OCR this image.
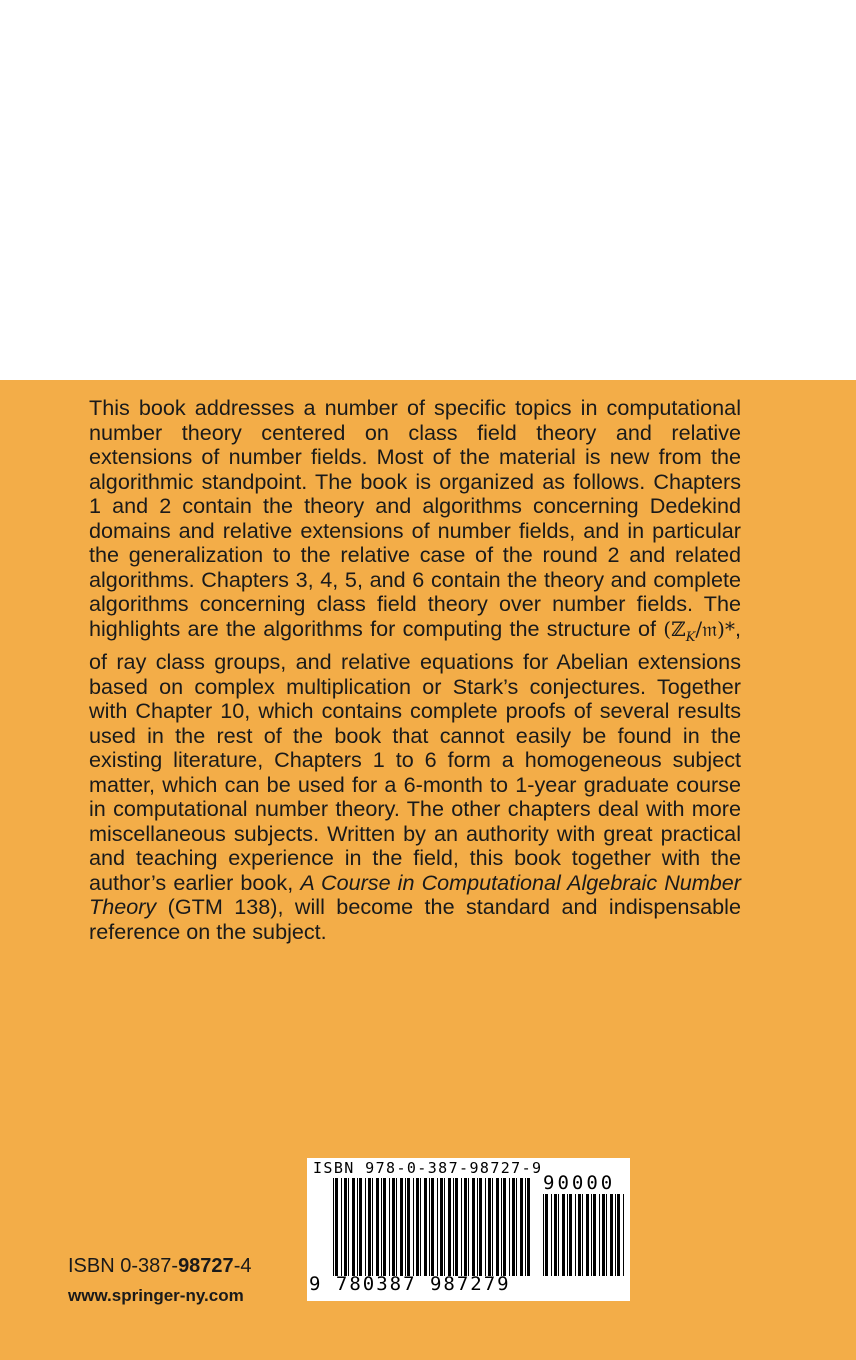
This book addresses a number of specific topics in computational number theory centered on class field theory and relative extensions of number fields. Most of the material is new from the algorithmic standpoint. The book is organized as follows. Chapters 1 and 2 contain the theory and algorithms concerning Dedekind domains and relative extensions of number fields, and in particular the generalization to the relative case of the round 2 and related algorithms. Chapters 3, 4, 5, and 6 contain the theory and complete algorithms concerning class field theory over number fields. The highlights are the algorithms for computing the structure of (ℤ$_K$/𝔪)*, of ray class groups, and relative equations for Abelian extensions based on complex multiplication or Stark’s conjectures. Together with Chapter 10, which contains complete proofs of several results used in the rest of the book that cannot easily be found in the existing literature, Chapters 1 to 6 form a homogeneous subject matter, which can be used for a 6-month to 1-year graduate course in computational number theory. The other chapters deal with more miscellaneous subjects. Written by an authority with great practical and teaching experience in the field, this book together with the author’s earlier book, A Course in Computational Algebraic Number Theory (GTM 138), will become the standard and indispensable reference on the subject.

ISBN 978-0-387-98727-9
90000
9 780387 987279
ISBN 0-387-98727-4
www.springer-ny.com
